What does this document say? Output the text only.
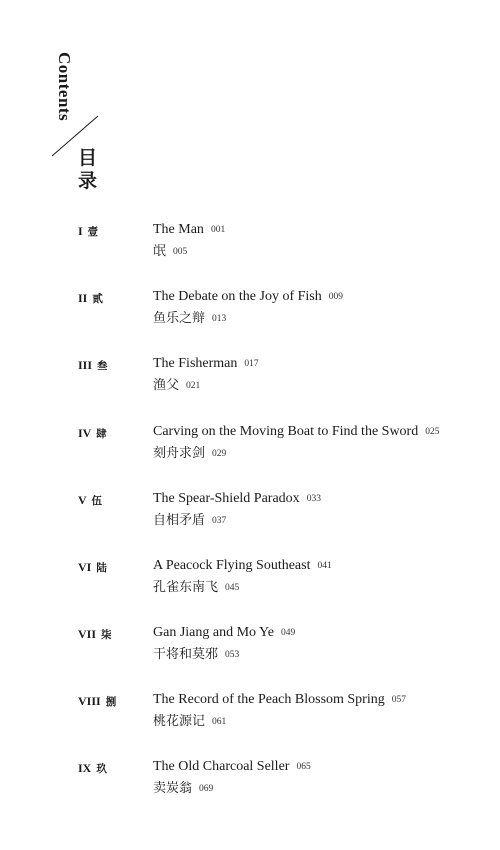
Contents
目
录
I 壹	The Man 001
氓 005
II 贰	The Debate on the Joy of Fish 009
鱼乐之辩 013
III 叁	The Fisherman 017
渔父 021
IV 肆	Carving on the Moving Boat to Find the Sword 025
刻舟求剑 029
V 伍	The Spear-Shield Paradox 033
自相矛盾 037
VI 陆	A Peacock Flying Southeast 041
孔雀东南飞 045
VII 柒	Gan Jiang and Mo Ye 049
干将和莫邪 053
VIII 捌	The Record of the Peach Blossom Spring 057
桃花源记 061
IX 玖	The Old Charcoal Seller 065
卖炭翁 069
